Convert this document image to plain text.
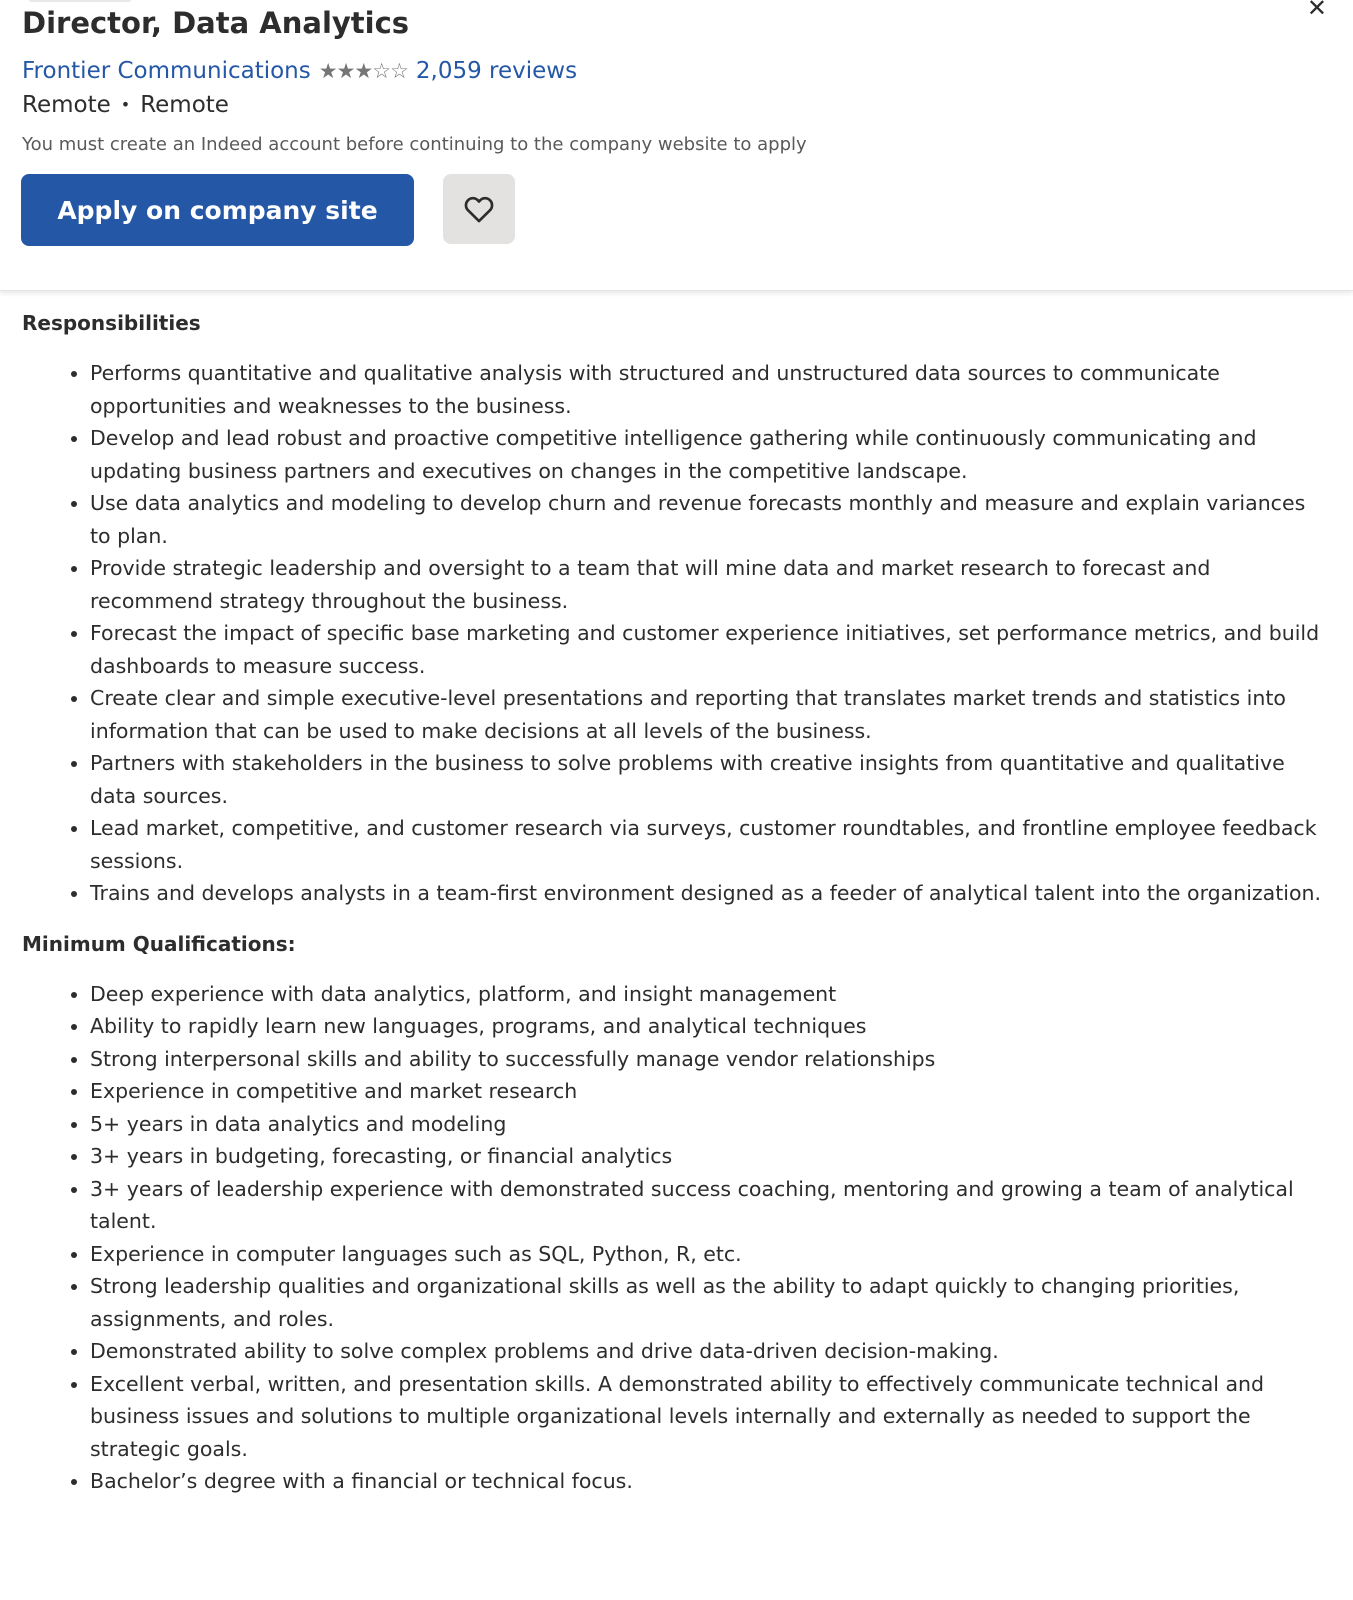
✕
Director, Data Analytics
Frontier Communications ★★★☆☆ 2,059 reviews
Remote • Remote
You must create an Indeed account before continuing to the company website to apply
Apply on company site
Responsibilities
• Performs quantitative and qualitative analysis with structured and unstructured data sources to communicate opportunities and weaknesses to the business.
• Develop and lead robust and proactive competitive intelligence gathering while continuously communicating and updating business partners and executives on changes in the competitive landscape.
• Use data analytics and modeling to develop churn and revenue forecasts monthly and measure and explain variances to plan.
• Provide strategic leadership and oversight to a team that will mine data and market research to forecast and recommend strategy throughout the business.
• Forecast the impact of specific base marketing and customer experience initiatives, set performance metrics, and build dashboards to measure success.
• Create clear and simple executive-level presentations and reporting that translates market trends and statistics into information that can be used to make decisions at all levels of the business.
• Partners with stakeholders in the business to solve problems with creative insights from quantitative and qualitative data sources.
• Lead market, competitive, and customer research via surveys, customer roundtables, and frontline employee feedback sessions.
• Trains and develops analysts in a team-first environment designed as a feeder of analytical talent into the organization.
Minimum Qualifications:
• Deep experience with data analytics, platform, and insight management
• Ability to rapidly learn new languages, programs, and analytical techniques
• Strong interpersonal skills and ability to successfully manage vendor relationships
• Experience in competitive and market research
• 5+ years in data analytics and modeling
• 3+ years in budgeting, forecasting, or financial analytics
• 3+ years of leadership experience with demonstrated success coaching, mentoring and growing a team of analytical talent.
• Experience in computer languages such as SQL, Python, R, etc.
• Strong leadership qualities and organizational skills as well as the ability to adapt quickly to changing priorities, assignments, and roles.
• Demonstrated ability to solve complex problems and drive data-driven decision-making.
• Excellent verbal, written, and presentation skills. A demonstrated ability to effectively communicate technical and business issues and solutions to multiple organizational levels internally and externally as needed to support the strategic goals.
• Bachelor’s degree with a financial or technical focus.
